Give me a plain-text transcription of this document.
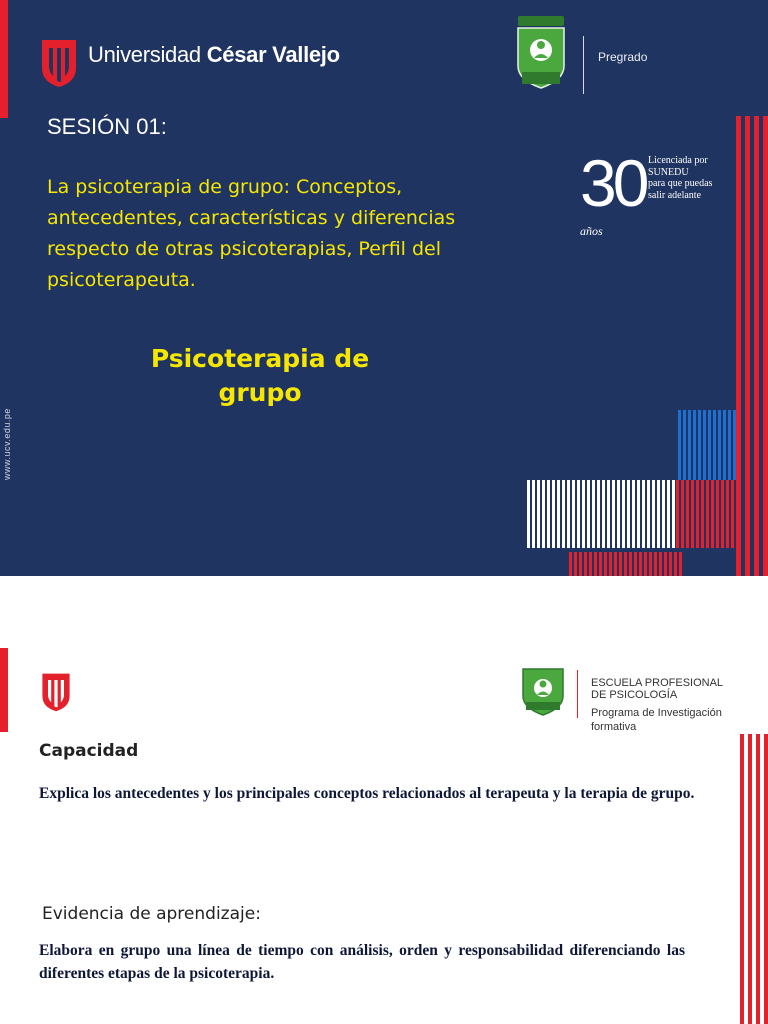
Universidad César Vallejo	Pregrado
SESIÓN 01:
La psicoterapia de grupo: Conceptos, antecedentes, características y diferencias respecto de otras psicoterapias, Perfil del psicoterapeuta.
Psicoterapia de
grupo
www.ucv.edu.pe
30
años
Licenciada por
SUNEDU
para que puedas
salir adelante
ESCUELA PROFESIONAL
DE PSICOLOGÍA
Programa de Investigación formativa
Capacidad
Explica los antecedentes y los principales conceptos relacionados al terapeuta y la terapia de grupo.
Evidencia de aprendizaje:
Elabora en grupo una línea de tiempo con análisis, orden y responsabilidad diferenciando las diferentes etapas de la psicoterapia.
